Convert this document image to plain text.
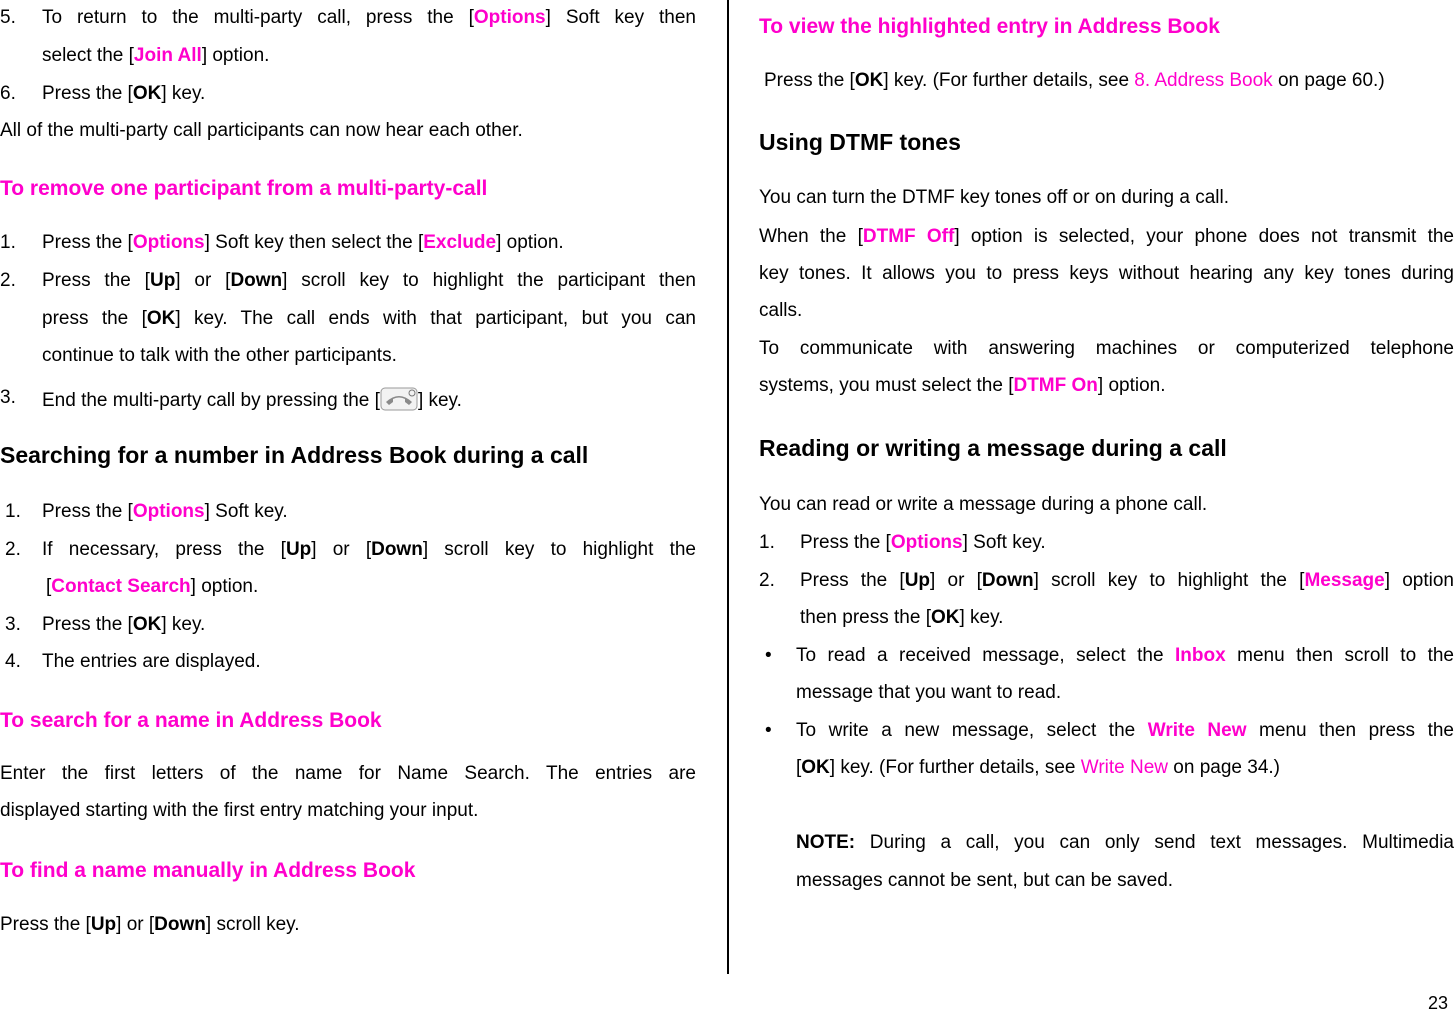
5. To return to the multi-party call, press the [Options] Soft key then
select the [Join All] option.
6. Press the [OK] key.
All of the multi-party call participants can now hear each other.
To remove one participant from a multi-party-call
1. Press the [Options] Soft key then select the [Exclude] option.
2. Press the [Up] or [Down] scroll key to highlight the participant then
press the [OK] key. The call ends with that participant, but you can
continue to talk with the other participants.
3. End the multi-party call by pressing the [ ] key.
Searching for a number in Address Book during a call
1. Press the [Options] Soft key.
2. If necessary, press the [Up] or [Down] scroll key to highlight the
[Contact Search] option.
3. Press the [OK] key.
4. The entries are displayed.
To search for a name in Address Book
Enter the first letters of the name for Name Search. The entries are
displayed starting with the first entry matching your input.
To find a name manually in Address Book
Press the [Up] or [Down] scroll key.
To view the highlighted entry in Address Book
Press the [OK] key. (For further details, see 8. Address Book on page 60.)
Using DTMF tones
You can turn the DTMF key tones off or on during a call.
When the [DTMF Off] option is selected, your phone does not transmit the
key tones. It allows you to press keys without hearing any key tones during
calls.
To communicate with answering machines or computerized telephone
systems, you must select the [DTMF On] option.
Reading or writing a message during a call
You can read or write a message during a phone call.
1. Press the [Options] Soft key.
2. Press the [Up] or [Down] scroll key to highlight the [Message] option
then press the [OK] key.
• To read a received message, select the Inbox menu then scroll to the
message that you want to read.
• To write a new message, select the Write New menu then press the
[OK] key. (For further details, see Write New on page 34.)
NOTE: During a call, you can only send text messages. Multimedia
messages cannot be sent, but can be saved.
23
